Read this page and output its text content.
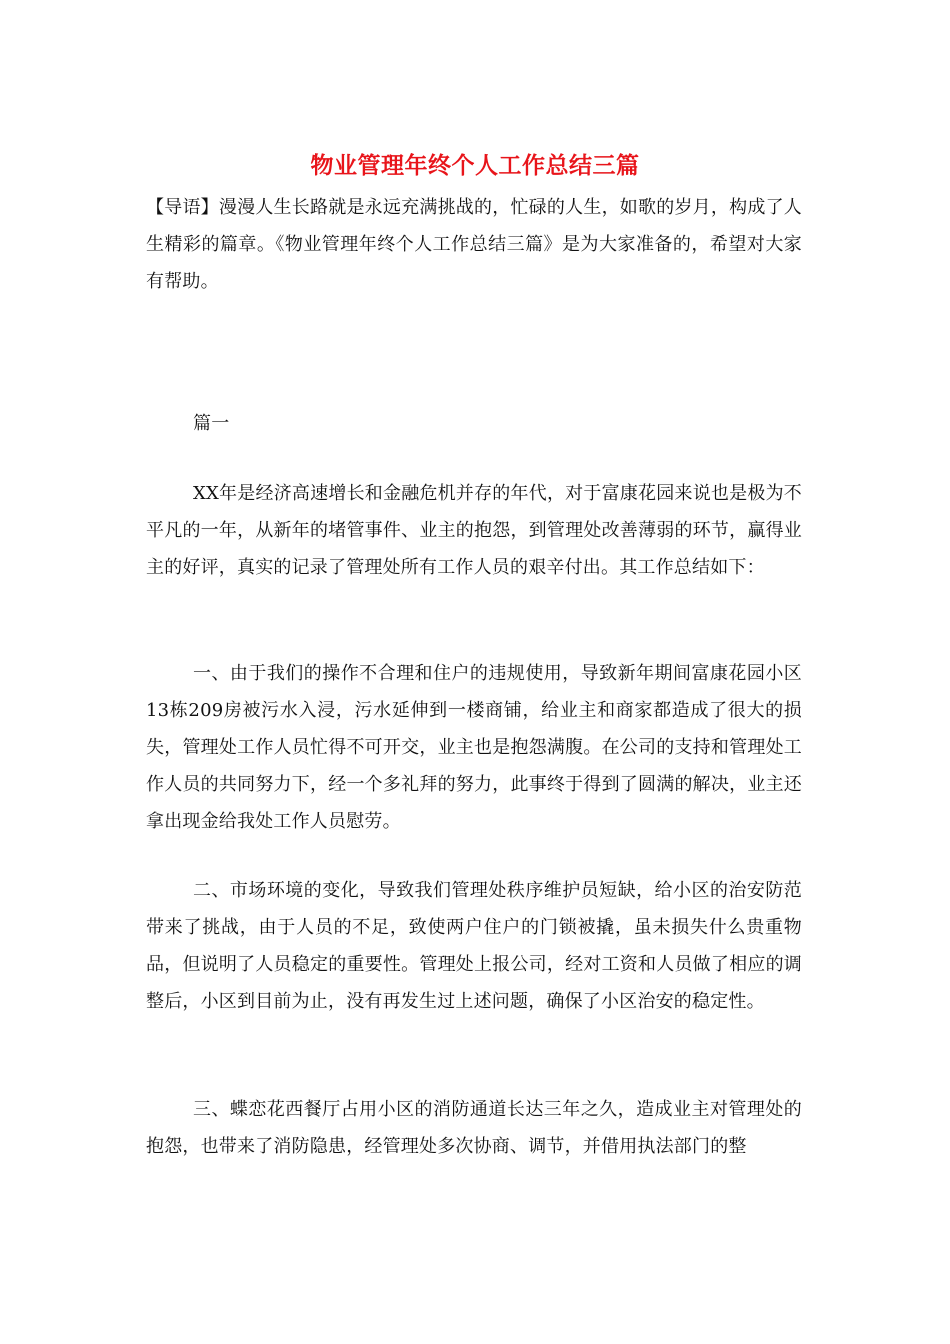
物业管理年终个人工作总结三篇
【导语】漫漫人生长路就是永远充满挑战的，忙碌的人生，如歌的岁月，构成了人生精彩的篇章。《物业管理年终个人工作总结三篇》是为大家准备的，希望对大家有帮助。
篇一
XX年是经济高速增长和金融危机并存的年代，对于富康花园来说也是极为不平凡的一年，从新年的堵管事件、业主的抱怨，到管理处改善薄弱的环节，赢得业主的好评，真实的记录了管理处所有工作人员的艰辛付出。其工作总结如下：
一、由于我们的操作不合理和住户的违规使用，导致新年期间富康花园小区13栋209房被污水入浸，污水延伸到一楼商铺，给业主和商家都造成了很大的损失，管理处工作人员忙得不可开交，业主也是抱怨满腹。在公司的支持和管理处工作人员的共同努力下，经一个多礼拜的努力，此事终于得到了圆满的解决，业主还拿出现金给我处工作人员慰劳。
二、市场环境的变化，导致我们管理处秩序维护员短缺，给小区的治安防范带来了挑战，由于人员的不足，致使两户住户的门锁被撬，虽未损失什么贵重物品，但说明了人员稳定的重要性。管理处上报公司，经对工资和人员做了相应的调整后，小区到目前为止，没有再发生过上述问题，确保了小区治安的稳定性。
三、蝶恋花西餐厅占用小区的消防通道长达三年之久，造成业主对管理处的抱怨，也带来了消防隐患，经管理处多次协商、调节，并借用执法部门的整
